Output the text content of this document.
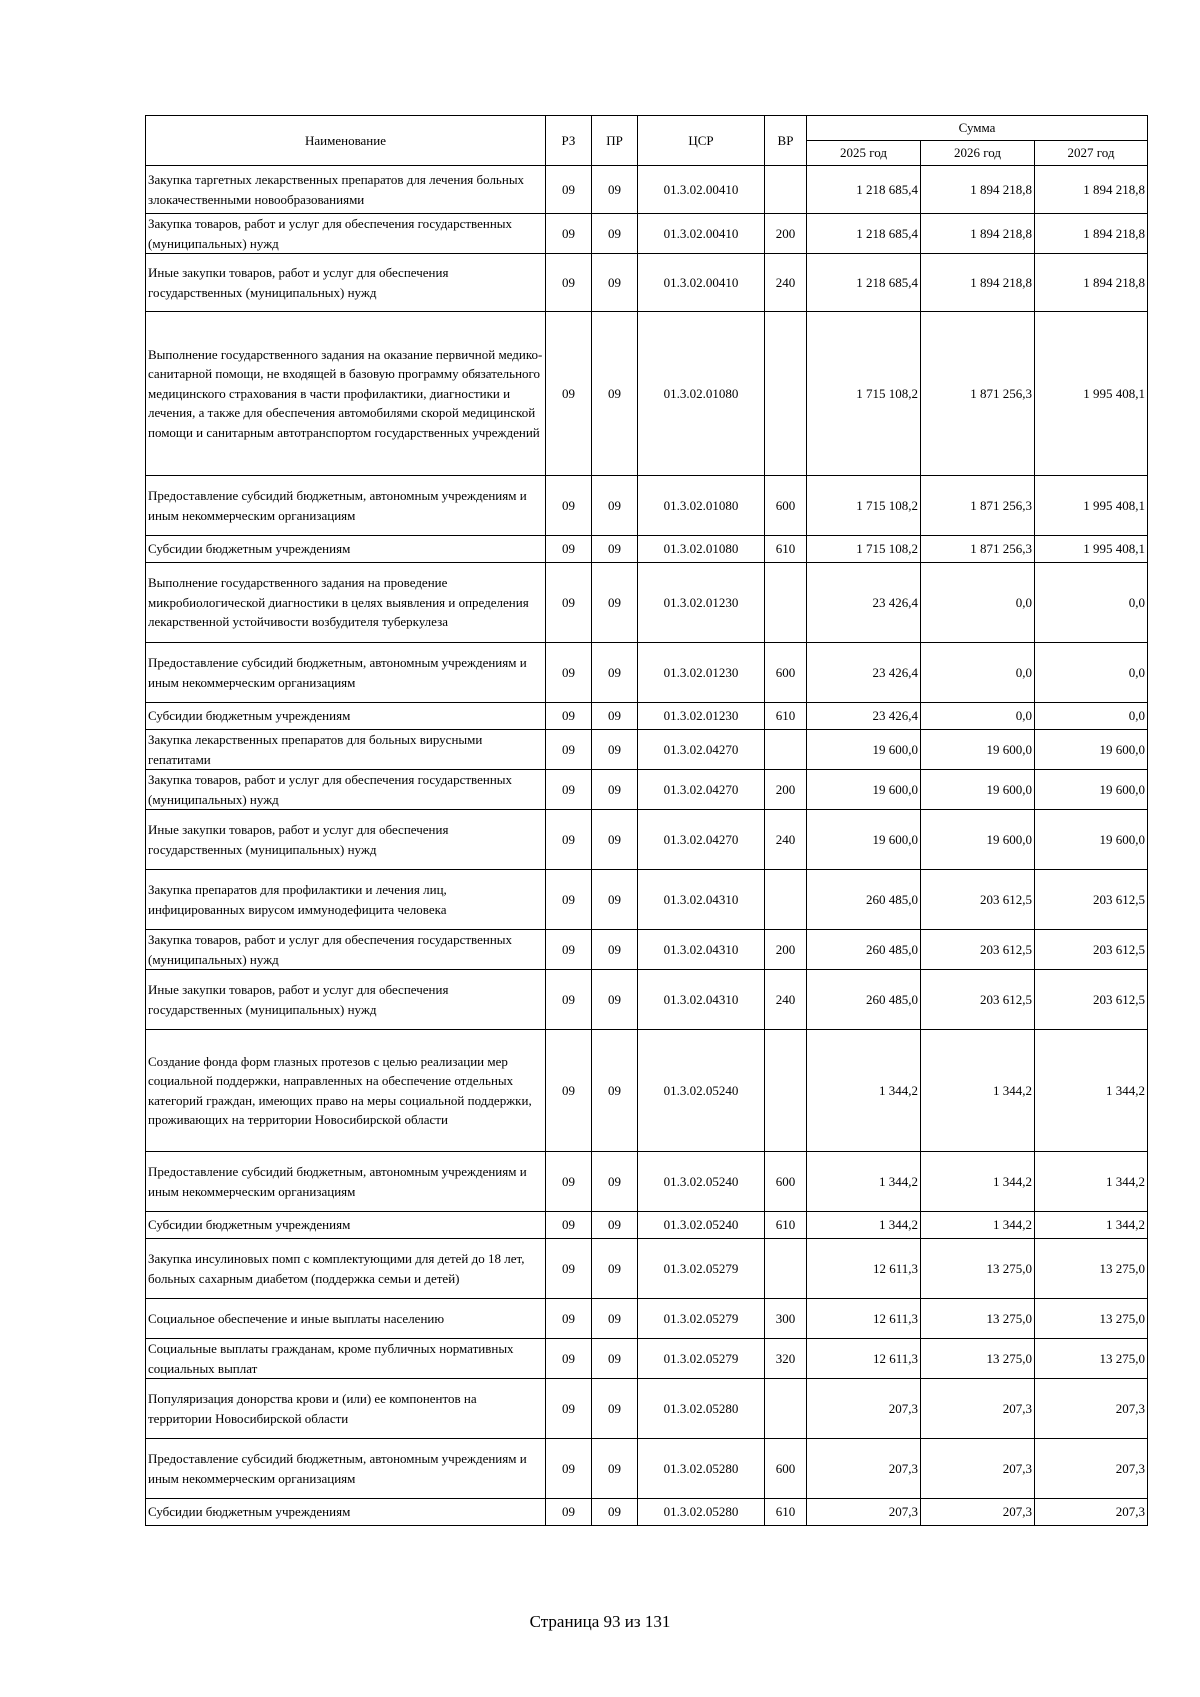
Наименование	РЗ	ПР	ЦСР	ВР	Сумма		
					2025 год	2026 год	2027 год
Закупка таргетных лекарственных препаратов для лечения больных злокачественными новообразованиями	09	09	01.3.02.00410		1 218 685,4	1 894 218,8	1 894 218,8
Закупка товаров, работ и услуг для обеспечения государственных (муниципальных) нужд	09	09	01.3.02.00410	200	1 218 685,4	1 894 218,8	1 894 218,8
Иные закупки товаров, работ и услуг для обеспечения государственных (муниципальных) нужд	09	09	01.3.02.00410	240	1 218 685,4	1 894 218,8	1 894 218,8
Выполнение государственного задания на оказание первичной медико-санитарной помощи, не входящей в базовую программу обязательного медицинского страхования в части профилактики, диагностики и лечения, а также для обеспечения автомобилями скорой медицинской помощи и санитарным автотранспортом государственных учреждений	09	09	01.3.02.01080		1 715 108,2	1 871 256,3	1 995 408,1
Предоставление субсидий бюджетным, автономным учреждениям и иным некоммерческим организациям	09	09	01.3.02.01080	600	1 715 108,2	1 871 256,3	1 995 408,1
Субсидии бюджетным учреждениям	09	09	01.3.02.01080	610	1 715 108,2	1 871 256,3	1 995 408,1
Выполнение государственного задания на проведение микробиологической диагностики в целях выявления и определения лекарственной устойчивости возбудителя туберкулеза	09	09	01.3.02.01230		23 426,4	0,0	0,0
Предоставление субсидий бюджетным, автономным учреждениям и иным некоммерческим организациям	09	09	01.3.02.01230	600	23 426,4	0,0	0,0
Субсидии бюджетным учреждениям	09	09	01.3.02.01230	610	23 426,4	0,0	0,0
Закупка лекарственных препаратов для больных вирусными гепатитами	09	09	01.3.02.04270		19 600,0	19 600,0	19 600,0
Закупка товаров, работ и услуг для обеспечения государственных (муниципальных) нужд	09	09	01.3.02.04270	200	19 600,0	19 600,0	19 600,0
Иные закупки товаров, работ и услуг для обеспечения государственных (муниципальных) нужд	09	09	01.3.02.04270	240	19 600,0	19 600,0	19 600,0
Закупка препаратов для профилактики и лечения лиц, инфицированных вирусом иммунодефицита человека	09	09	01.3.02.04310		260 485,0	203 612,5	203 612,5
Закупка товаров, работ и услуг для обеспечения государственных (муниципальных) нужд	09	09	01.3.02.04310	200	260 485,0	203 612,5	203 612,5
Иные закупки товаров, работ и услуг для обеспечения государственных (муниципальных) нужд	09	09	01.3.02.04310	240	260 485,0	203 612,5	203 612,5
Создание фонда форм глазных протезов с целью реализации мер социальной поддержки, направленных на обеспечение отдельных категорий граждан, имеющих право на меры социальной поддержки, проживающих на территории Новосибирской области	09	09	01.3.02.05240		1 344,2	1 344,2	1 344,2
Предоставление субсидий бюджетным, автономным учреждениям и иным некоммерческим организациям	09	09	01.3.02.05240	600	1 344,2	1 344,2	1 344,2
Субсидии бюджетным учреждениям	09	09	01.3.02.05240	610	1 344,2	1 344,2	1 344,2
Закупка инсулиновых помп с комплектующими для детей до 18 лет, больных сахарным диабетом (поддержка семьи и детей)	09	09	01.3.02.05279		12 611,3	13 275,0	13 275,0
Социальное обеспечение и иные выплаты населению	09	09	01.3.02.05279	300	12 611,3	13 275,0	13 275,0
Социальные выплаты гражданам, кроме публичных нормативных социальных выплат	09	09	01.3.02.05279	320	12 611,3	13 275,0	13 275,0
Популяризация донорства крови и (или) ее компонентов на территории Новосибирской области	09	09	01.3.02.05280		207,3	207,3	207,3
Предоставление субсидий бюджетным, автономным учреждениям и иным некоммерческим организациям	09	09	01.3.02.05280	600	207,3	207,3	207,3
Субсидии бюджетным учреждениям	09	09	01.3.02.05280	610	207,3	207,3	207,3
Страница 93 из 131
